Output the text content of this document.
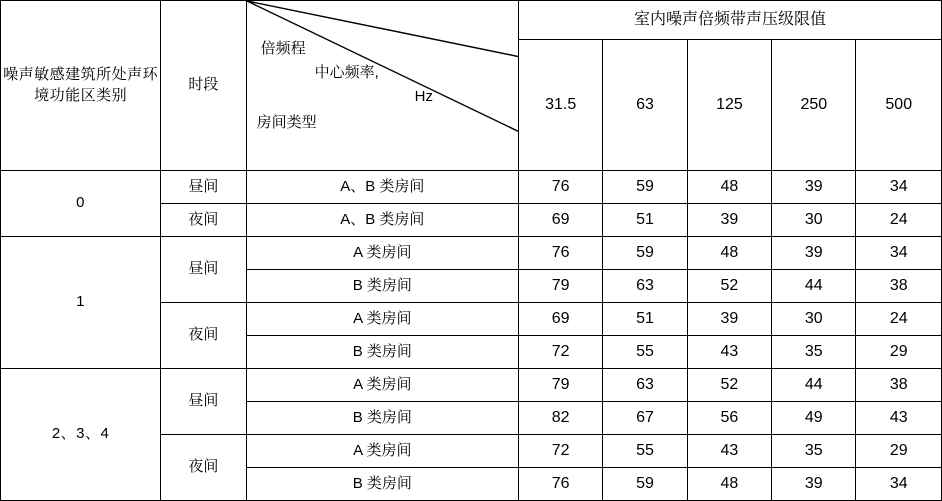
噪声敏感建筑所处声环境功能区类别	时段	倍频程
中心频率,
Hz
房间类型	室内噪声倍频带声压级限值				
			31.5	63	125	250	500
0	昼间	A、B 类房间	76	59	48	39	34
	夜间	A、B 类房间	69	51	39	30	24
1	昼间	A 类房间	76	59	48	39	34
		B 类房间	79	63	52	44	38
	夜间	A 类房间	69	51	39	30	24
		B 类房间	72	55	43	35	29
2、3、4	昼间	A 类房间	79	63	52	44	38
		B 类房间	82	67	56	49	43
	夜间	A 类房间	72	55	43	35	29
		B 类房间	76	59	48	39	34
